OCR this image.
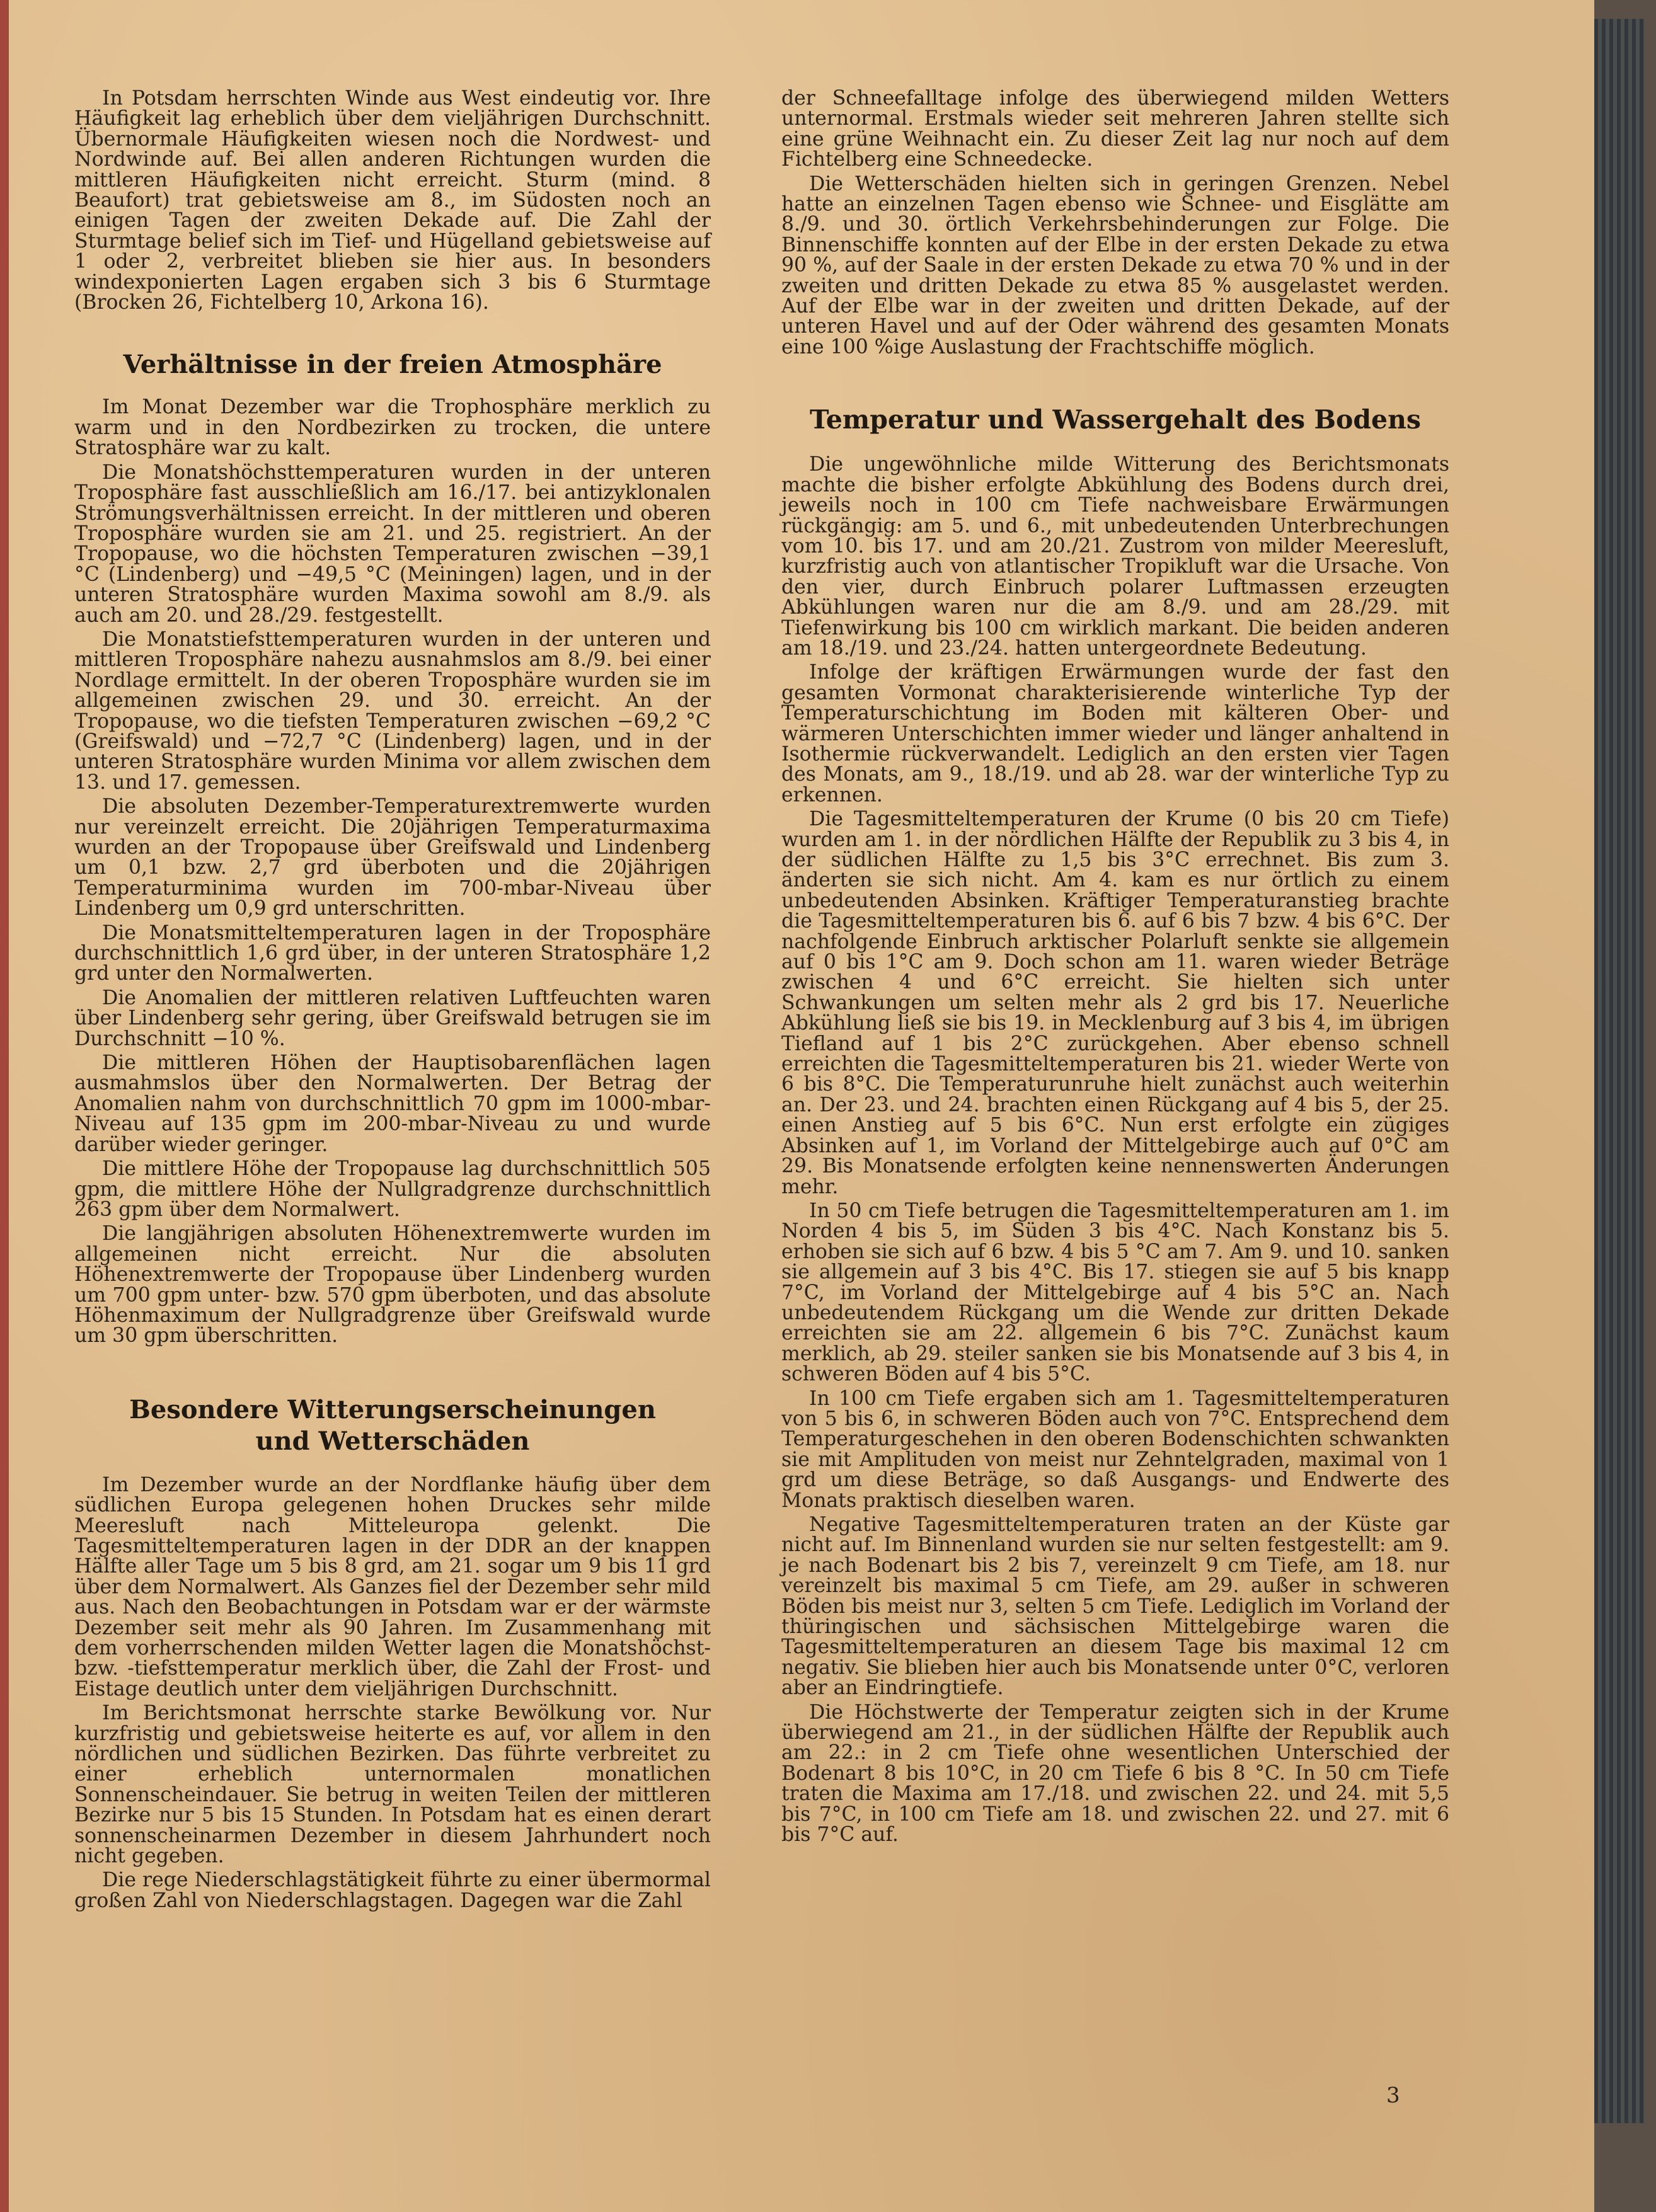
In Potsdam herrschten Winde aus West eindeutig vor. Ihre Häufigkeit lag erheblich über dem vieljährigen Durchschnitt. Übernormale Häufigkeiten wiesen noch die Nordwest- und Nordwinde auf. Bei allen anderen Richtungen wurden die mittleren Häufigkeiten nicht erreicht. Sturm (mind. 8 Beaufort) trat gebietsweise am 8., im Südosten noch an einigen Tagen der zweiten Dekade auf. Die Zahl der Sturmtage belief sich im Tief- und Hügelland gebietsweise auf 1 oder 2, verbreitet blieben sie hier aus. In besonders windexponierten Lagen ergaben sich 3 bis 6 Sturmtage (Brocken 26, Fichtelberg 10, Arkona 16).

Verhältnisse in der freien Atmosphäre

Im Monat Dezember war die Trophosphäre merklich zu warm und in den Nordbezirken zu trocken, die untere Stratosphäre war zu kalt.

Die Monatshöchsttemperaturen wurden in der unteren Troposphäre fast ausschließlich am 16./17. bei antizyklonalen Strömungsverhältnissen erreicht. In der mittleren und oberen Troposphäre wurden sie am 21. und 25. registriert. An der Tropopause, wo die höchsten Temperaturen zwischen −39,1 °C (Lindenberg) und −49,5 °C (Meiningen) lagen, und in der unteren Stratosphäre wurden Maxima sowohl am 8./9. als auch am 20. und 28./29. festgestellt.

Die Monatstiefsttemperaturen wurden in der unteren und mittleren Troposphäre nahezu ausnahmslos am 8./9. bei einer Nordlage ermittelt. In der oberen Troposphäre wurden sie im allgemeinen zwischen 29. und 30. erreicht. An der Tropopause, wo die tiefsten Temperaturen zwischen −69,2 °C (Greifswald) und −72,7 °C (Lindenberg) lagen, und in der unteren Stratosphäre wurden Minima vor allem zwischen dem 13. und 17. gemessen.

Die absoluten Dezember-Temperaturextremwerte wurden nur vereinzelt erreicht. Die 20jährigen Temperaturmaxima wurden an der Tropopause über Greifswald und Lindenberg um 0,1 bzw. 2,7 grd überboten und die 20jährigen Temperaturminima wurden im 700-mbar-Niveau über Lindenberg um 0,9 grd unterschritten.

Die Monatsmitteltemperaturen lagen in der Troposphäre durchschnittlich 1,6 grd über, in der unteren Stratosphäre 1,2 grd unter den Normalwerten.

Die Anomalien der mittleren relativen Luftfeuchten waren über Lindenberg sehr gering, über Greifswald betrugen sie im Durchschnitt −10 %.

Die mittleren Höhen der Hauptisobarenflächen lagen ausmahmslos über den Normalwerten. Der Betrag der Anomalien nahm von durchschnittlich 70 gpm im 1000-mbar-Niveau auf 135 gpm im 200-mbar-Niveau zu und wurde darüber wieder geringer.

Die mittlere Höhe der Tropopause lag durchschnittlich 505 gpm, die mittlere Höhe der Nullgradgrenze durchschnittlich 263 gpm über dem Normalwert.

Die langjährigen absoluten Höhenextremwerte wurden im allgemeinen nicht erreicht. Nur die absoluten Höhenextremwerte der Tropopause über Lindenberg wurden um 700 gpm unter- bzw. 570 gpm überboten, und das absolute Höhenmaximum der Nullgradgrenze über Greifswald wurde um 30 gpm überschritten.

Besondere Witterungserscheinungen
und Wetterschäden

Im Dezember wurde an der Nordflanke häufig über dem südlichen Europa gelegenen hohen Druckes sehr milde Meeresluft nach Mitteleuropa gelenkt. Die Tagesmitteltemperaturen lagen in der DDR an der knappen Hälfte aller Tage um 5 bis 8 grd, am 21. sogar um 9 bis 11 grd über dem Normalwert. Als Ganzes fiel der Dezember sehr mild aus. Nach den Beobachtungen in Potsdam war er der wärmste Dezember seit mehr als 90 Jahren. Im Zusammenhang mit dem vorherrschenden milden Wetter lagen die Monatshöchst- bzw. -tiefsttemperatur merklich über, die Zahl der Frost- und Eistage deutlich unter dem vieljährigen Durchschnitt.

Im Berichtsmonat herrschte starke Bewölkung vor. Nur kurzfristig und gebietsweise heiterte es auf, vor allem in den nördlichen und südlichen Bezirken. Das führte verbreitet zu einer erheblich unternormalen monatlichen Sonnenscheindauer. Sie betrug in weiten Teilen der mittleren Bezirke nur 5 bis 15 Stunden. In Potsdam hat es einen derart sonnenscheinarmen Dezember in diesem Jahrhundert noch nicht gegeben.

Die rege Niederschlagstätigkeit führte zu einer übermormal großen Zahl von Niederschlagstagen. Dagegen war die Zahl

der Schneefalltage infolge des überwiegend milden Wetters unternormal. Erstmals wieder seit mehreren Jahren stellte sich eine grüne Weihnacht ein. Zu dieser Zeit lag nur noch auf dem Fichtelberg eine Schneedecke.

Die Wetterschäden hielten sich in geringen Grenzen. Nebel hatte an einzelnen Tagen ebenso wie Schnee- und Eisglätte am 8./9. und 30. örtlich Verkehrsbehinderungen zur Folge. Die Binnenschiffe konnten auf der Elbe in der ersten Dekade zu etwa 90 %, auf der Saale in der ersten Dekade zu etwa 70 % und in der zweiten und dritten Dekade zu etwa 85 % ausgelastet werden. Auf der Elbe war in der zweiten und dritten Dekade, auf der unteren Havel und auf der Oder während des gesamten Monats eine 100 %ige Auslastung der Frachtschiffe möglich.

Temperatur und Wassergehalt des Bodens

Die ungewöhnliche milde Witterung des Berichtsmonats machte die bisher erfolgte Abkühlung des Bodens durch drei, jeweils noch in 100 cm Tiefe nachweisbare Erwärmungen rückgängig: am 5. und 6., mit unbedeutenden Unterbrechungen vom 10. bis 17. und am 20./21. Zustrom von milder Meeresluft, kurzfristig auch von atlantischer Tropikluft war die Ursache. Von den vier, durch Einbruch polarer Luftmassen erzeugten Abkühlungen waren nur die am 8./9. und am 28./29. mit Tiefenwirkung bis 100 cm wirklich markant. Die beiden anderen am 18./19. und 23./24. hatten untergeordnete Bedeutung.

Infolge der kräftigen Erwärmungen wurde der fast den gesamten Vormonat charakterisierende winterliche Typ der Temperaturschichtung im Boden mit kälteren Ober- und wärmeren Unterschichten immer wieder und länger anhaltend in Isothermie rückverwandelt. Lediglich an den ersten vier Tagen des Monats, am 9., 18./19. und ab 28. war der winterliche Typ zu erkennen.

Die Tagesmitteltemperaturen der Krume (0 bis 20 cm Tiefe) wurden am 1. in der nördlichen Hälfte der Republik zu 3 bis 4, in der südlichen Hälfte zu 1,5 bis 3°C errechnet. Bis zum 3. änderten sie sich nicht. Am 4. kam es nur örtlich zu einem unbedeutenden Absinken. Kräftiger Temperaturanstieg brachte die Tagesmitteltemperaturen bis 6. auf 6 bis 7 bzw. 4 bis 6°C. Der nachfolgende Einbruch arktischer Polarluft senkte sie allgemein auf 0 bis 1°C am 9. Doch schon am 11. waren wieder Beträge zwischen 4 und 6°C erreicht. Sie hielten sich unter Schwankungen um selten mehr als 2 grd bis 17. Neuerliche Abkühlung ließ sie bis 19. in Mecklenburg auf 3 bis 4, im übrigen Tiefland auf 1 bis 2°C zurückgehen. Aber ebenso schnell erreichten die Tagesmitteltemperaturen bis 21. wieder Werte von 6 bis 8°C. Die Temperaturunruhe hielt zunächst auch weiterhin an. Der 23. und 24. brachten einen Rückgang auf 4 bis 5, der 25. einen Anstieg auf 5 bis 6°C. Nun erst erfolgte ein zügiges Absinken auf 1, im Vorland der Mittelgebirge auch auf 0°C am 29. Bis Monatsende erfolgten keine nennenswerten Änderungen mehr.

In 50 cm Tiefe betrugen die Tagesmitteltemperaturen am 1. im Norden 4 bis 5, im Süden 3 bis 4°C. Nach Konstanz bis 5. erhoben sie sich auf 6 bzw. 4 bis 5 °C am 7. Am 9. und 10. sanken sie allgemein auf 3 bis 4°C. Bis 17. stiegen sie auf 5 bis knapp 7°C, im Vorland der Mittelgebirge auf 4 bis 5°C an. Nach unbedeutendem Rückgang um die Wende zur dritten Dekade erreichten sie am 22. allgemein 6 bis 7°C. Zunächst kaum merklich, ab 29. steiler sanken sie bis Monatsende auf 3 bis 4, in schweren Böden auf 4 bis 5°C.

In 100 cm Tiefe ergaben sich am 1. Tagesmitteltemperaturen von 5 bis 6, in schweren Böden auch von 7°C. Entsprechend dem Temperaturgeschehen in den oberen Bodenschichten schwankten sie mit Amplituden von meist nur Zehntelgraden, maximal von 1 grd um diese Beträge, so daß Ausgangs- und Endwerte des Monats praktisch dieselben waren.

Negative Tagesmitteltemperaturen traten an der Küste gar nicht auf. Im Binnenland wurden sie nur selten festgestellt: am 9. je nach Bodenart bis 2 bis 7, vereinzelt 9 cm Tiefe, am 18. nur vereinzelt bis maximal 5 cm Tiefe, am 29. außer in schweren Böden bis meist nur 3, selten 5 cm Tiefe. Lediglich im Vorland der thüringischen und sächsischen Mittelgebirge waren die Tagesmitteltemperaturen an diesem Tage bis maximal 12 cm negativ. Sie blieben hier auch bis Monatsende unter 0°C, verloren aber an Eindringtiefe.

Die Höchstwerte der Temperatur zeigten sich in der Krume überwiegend am 21., in der südlichen Hälfte der Republik auch am 22.: in 2 cm Tiefe ohne wesentlichen Unterschied der Bodenart 8 bis 10°C, in 20 cm Tiefe 6 bis 8 °C. In 50 cm Tiefe traten die Maxima am 17./18. und zwischen 22. und 24. mit 5,5 bis 7°C, in 100 cm Tiefe am 18. und zwischen 22. und 27. mit 6 bis 7°C auf.

3
